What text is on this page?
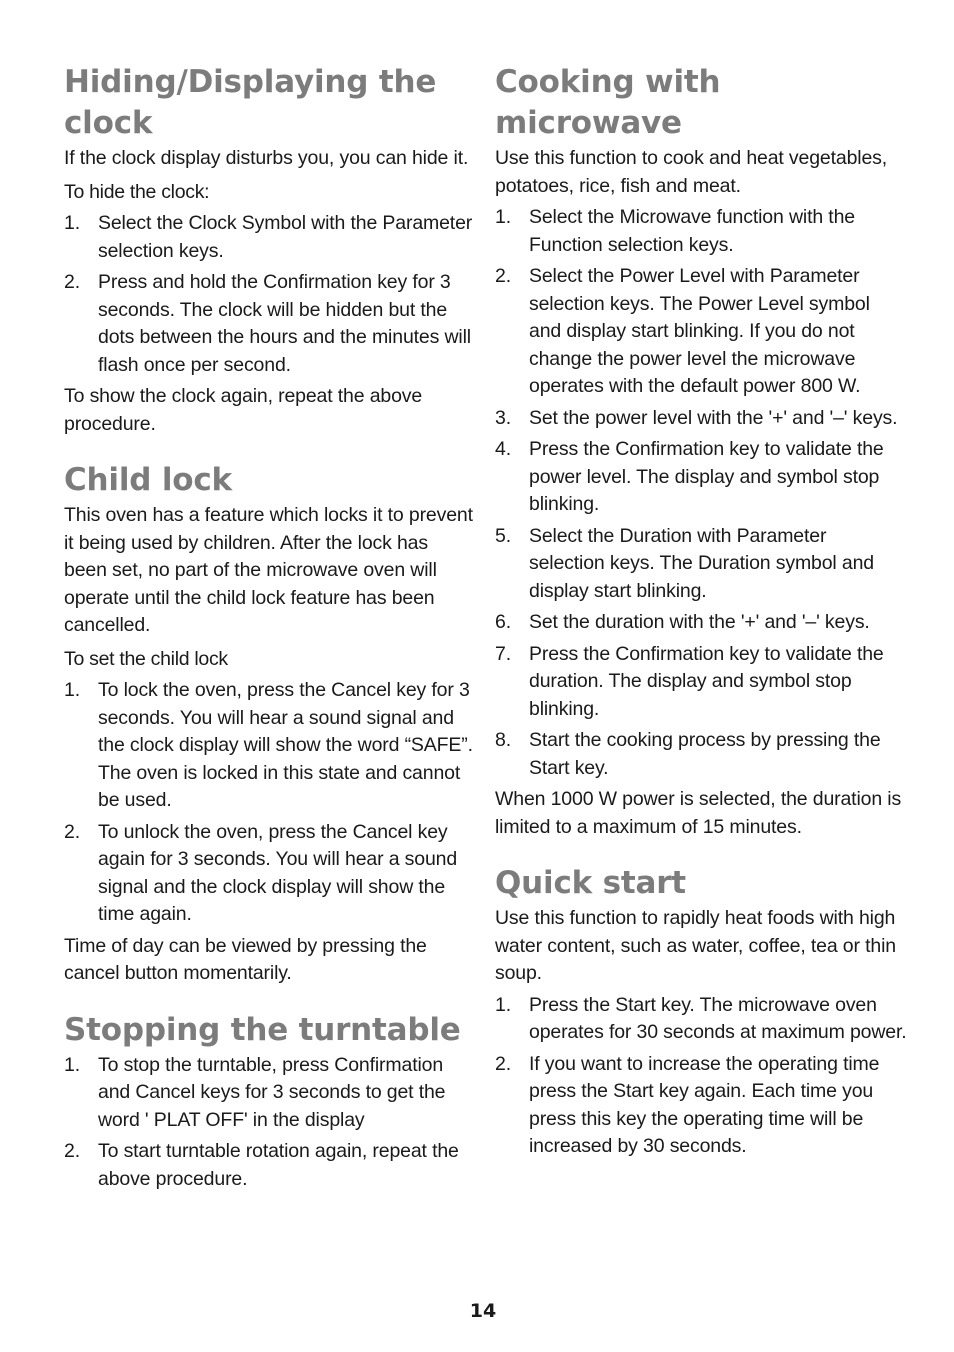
Hiding/Displaying the clock

If the clock display disturbs you, you can hide it.

To hide the clock:

1. Select the Clock Symbol with the Parameter selection keys.
2. Press and hold the Confirmation key for 3 seconds. The clock will be hidden but the dots between the hours and the minutes will flash once per second.

To show the clock again, repeat the above procedure.

Child lock

This oven has a feature which locks it to prevent it being used by children. After the lock has been set, no part of the microwave oven will operate until the child lock feature has been cancelled.

To set the child lock

1. To lock the oven, press the Cancel key for 3 seconds. You will hear a sound signal and the clock display will show the word “SAFE”. The oven is locked in this state and cannot be used.
2. To unlock the oven, press the Cancel key again for 3 seconds. You will hear a sound signal and the clock display will show the time again.

Time of day can be viewed by pressing the cancel button momentarily.

Stopping the turntable
1. To stop the turntable, press Confirmation and Cancel keys for 3 seconds to get the word ' PLAT OFF' in the display
2. To start turntable rotation again, repeat the above procedure.
Cooking with microwave

Use this function to cook and heat vegetables, potatoes, rice, fish and meat.

1. Select the Microwave function with the Function selection keys.
2. Select the Power Level with Parameter selection keys. The Power Level symbol and display start blinking. If you do not change the power level the microwave operates with the default power 800 W.
3. Set the power level with the '+' and '–' keys.
4. Press the Confirmation key to validate the power level. The display and symbol stop blinking.
5. Select the Duration with Parameter selection keys. The Duration symbol and display start blinking.
6. Set the duration with the '+' and '–' keys.
7. Press the Confirmation key to validate the duration. The display and symbol stop blinking.
8. Start the cooking process by pressing the Start key.

When 1000 W power is selected, the duration is limited to a maximum of 15 minutes.

Quick start

Use this function to rapidly heat foods with high water content, such as water, coffee, tea or thin soup.

1. Press the Start key. The microwave oven operates for 30 seconds at maximum power.
2. If you want to increase the operating time press the Start key again. Each time you press this key the operating time will be increased by 30 seconds.
14
